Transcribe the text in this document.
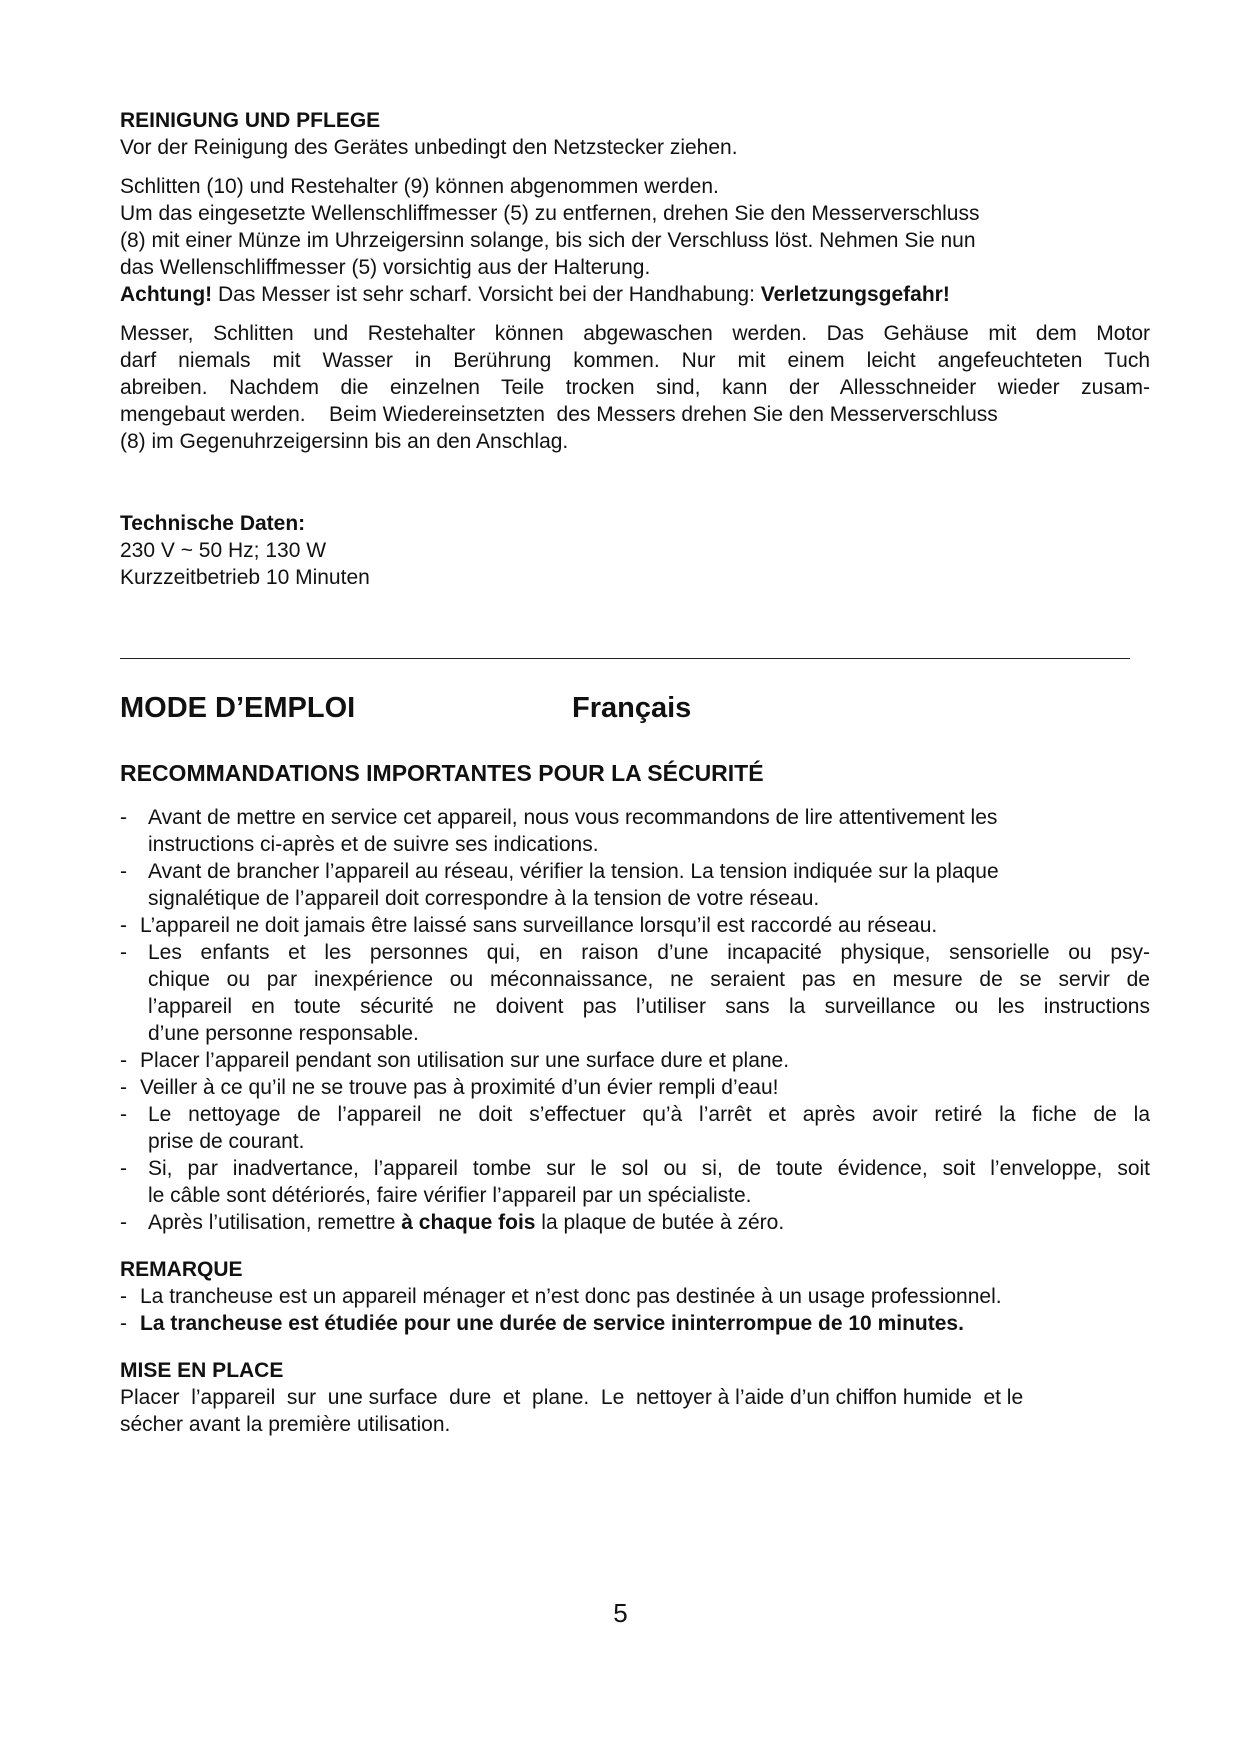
REINIGUNG UND PFLEGE

Vor der Reinigung des Gerätes unbedingt den Netzstecker ziehen.

Schlitten (10) und Restehalter (9) können abgenommen werden.

Um das eingesetzte Wellenschliffmesser (5) zu entfernen, drehen Sie den Messerverschluss

(8) mit einer Münze im Uhrzeigersinn solange, bis sich der Verschluss löst. Nehmen Sie nun

das Wellenschliffmesser (5) vorsichtig aus der Halterung.

Achtung! Das Messer ist sehr scharf. Vorsicht bei der Handhabung: Verletzungsgefahr!

Messer, Schlitten und Restehalter können abgewaschen werden. Das Gehäuse mit dem Motor

darf niemals mit Wasser in Berührung kommen. Nur mit einem leicht angefeuchteten Tuch

abreiben. Nachdem die einzelnen Teile trocken sind, kann der Allesschneider wieder zusam-

mengebaut werden.    Beim Wiedereinsetzten  des Messers drehen Sie den Messerverschluss

(8) im Gegenuhrzeigersinn bis an den Anschlag.

Technische Daten:

230 V ~ 50 Hz; 130 W

Kurzzeitbetrieb 10 Minuten

MODE D’EMPLOI	Français

RECOMMANDATIONS IMPORTANTES POUR LA SÉCURITÉ

- Avant de mettre en service cet appareil, nous vous recommandons de lire attentivement les
instructions ci-après et de suivre ses indications.
- Avant de brancher l’appareil au réseau, vérifier la tension. La tension indiquée sur la plaque
signalétique de l’appareil doit correspondre à la tension de votre réseau.
- L’appareil ne doit jamais être laissé sans surveillance lorsqu’il est raccordé au réseau.
- Les enfants et les personnes qui, en raison d’une incapacité physique, sensorielle ou psy-
chique ou par inexpérience ou méconnaissance, ne seraient pas en mesure de se servir de
l’appareil en toute sécurité ne doivent pas l’utiliser sans la surveillance ou les instructions
d’une personne responsable.
- Placer l’appareil pendant son utilisation sur une surface dure et plane.
- Veiller à ce qu’il ne se trouve pas à proximité d’un évier rempli d’eau!
- Le nettoyage de l’appareil ne doit s’effectuer qu’à l’arrêt et après avoir retiré la fiche de la
prise de courant.
- Si, par inadvertance, l’appareil tombe sur le sol ou si, de toute évidence, soit l’enveloppe, soit
le câble sont détériorés, faire vérifier l’appareil par un spécialiste.
- Après l’utilisation, remettre à chaque fois la plaque de butée à zéro.

REMARQUE

- La trancheuse est un appareil ménager et n’est donc pas destinée à un usage professionnel.
- La trancheuse est étudiée pour une durée de service ininterrompue de 10 minutes.

MISE EN PLACE

Placer  l’appareil  sur  une surface  dure  et  plane.  Le  nettoyer à l’aide d’un chiffon humide  et le

sécher avant la première utilisation.

5
